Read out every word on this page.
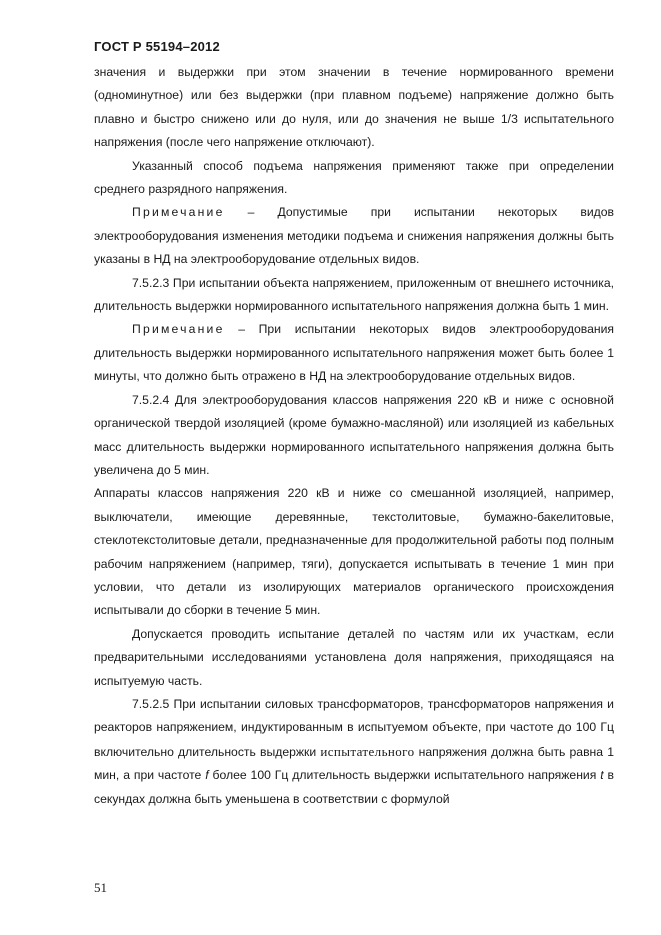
ГОСТ Р 55194–2012

значения и выдержки при этом значении в течение нормированного времени (одноминутное) или без выдержки (при плавном подъеме) напряжение должно быть плавно и быстро снижено или до нуля, или до значения не выше 1/3 испытательного напряжения (после чего напряжение отключают).

Указанный способ подъема напряжения применяют также при определении среднего разрядного напряжения.

Примечание – Допустимые при испытании некоторых видов электрооборудования изменения методики подъема и снижения напряжения должны быть указаны в НД на электрооборудование отдельных видов.

7.5.2.3 При испытании объекта напряжением, приложенным от внешнего источника, длительность выдержки нормированного испытательного напряжения должна быть 1 мин.

Примечание – При испытании некоторых видов электрооборудования длительность выдержки нормированного испытательного напряжения может быть более 1 минуты, что должно быть отражено в НД на электрооборудование отдельных видов.

7.5.2.4 Для электрооборудования классов напряжения 220 кВ и ниже с основной органической твердой изоляцией (кроме бумажно-масляной) или изоляцией из кабельных масс длительность выдержки нормированного испытательного напряжения должна быть увеличена до 5 мин.

Аппараты классов напряжения 220 кВ и ниже со смешанной изоляцией, например, выключатели, имеющие деревянные, текстолитовые, бумажно-бакелитовые, стеклотекстолитовые детали, предназначенные для продолжительной работы под полным рабочим напряжением (например, тяги), допускается испытывать в течение 1 мин при условии, что детали из изолирующих материалов органического происхождения испытывали до сборки в течение 5 мин.

Допускается проводить испытание деталей по частям или их участкам, если предварительными исследованиями установлена доля напряжения, приходящаяся на испытуемую часть.

7.5.2.5 При испытании силовых трансформаторов, трансформаторов напряжения и реакторов напряжением, индуктированным в испытуемом объекте, при частоте до 100 Гц включительно длительность выдержки испытательного напряжения должна быть равна 1 мин, а при частоте f более 100 Гц длительность выдержки испытательного напряжения t в секундах должна быть уменьшена в соответствии с формулой

51
